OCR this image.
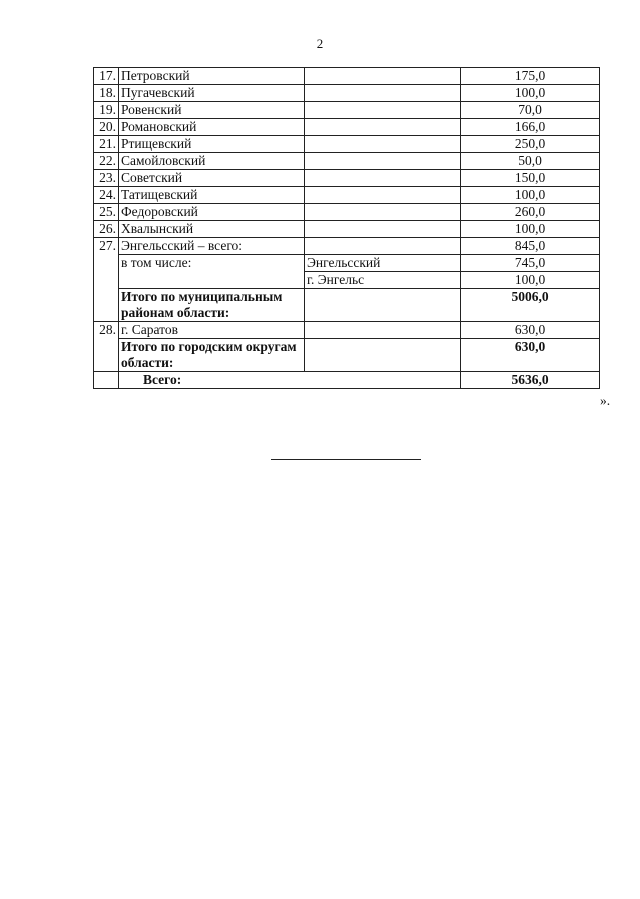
2
17.	Петровский		175,0
18.	Пугачевский		100,0
19.	Ровенский		70,0
20.	Романовский		166,0
21.	Ртищевский		250,0
22.	Самойловский		50,0
23.	Советский		150,0
24.	Татищевский		100,0
25.	Федоровский		260,0
26.	Хвалынский		100,0
27.	Энгельсский – всего:		845,0
	в том числе:	Энгельсский	745,0
		г. Энгельс	100,0
	Итого по муниципальным районам области:		5006,0
28.	г. Саратов		630,0
	Итого по городским округам области:		630,0
	Всего:		5636,0
».
